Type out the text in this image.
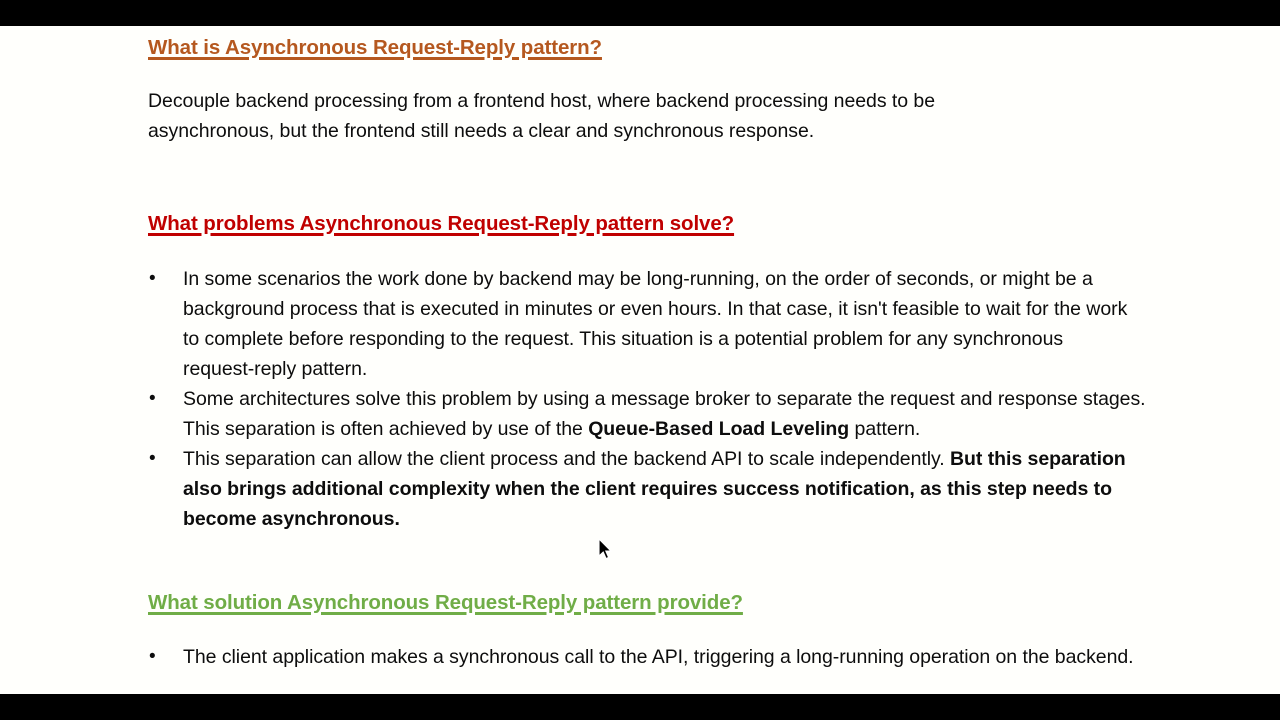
What is Asynchronous Request-Reply pattern?
Decouple backend processing from a frontend host, where backend processing needs to be asynchronous, but the frontend still needs a clear and synchronous response.
What problems Asynchronous Request-Reply pattern solve?
•	In some scenarios the work done by backend may be long-running, on the order of seconds, or might be a background process that is executed in minutes or even hours. In that case, it isn't feasible to wait for the work to complete before responding to the request. This situation is a potential problem for any synchronous request-reply pattern.
•	Some architectures solve this problem by using a message broker to separate the request and response stages. This separation is often achieved by use of the Queue-Based Load Leveling pattern.
•	This separation can allow the client process and the backend API to scale independently. But this separation also brings additional complexity when the client requires success notification, as this step needs to become asynchronous.
What solution Asynchronous Request-Reply pattern provide?
•	The client application makes a synchronous call to the API, triggering a long-running operation on the backend.
